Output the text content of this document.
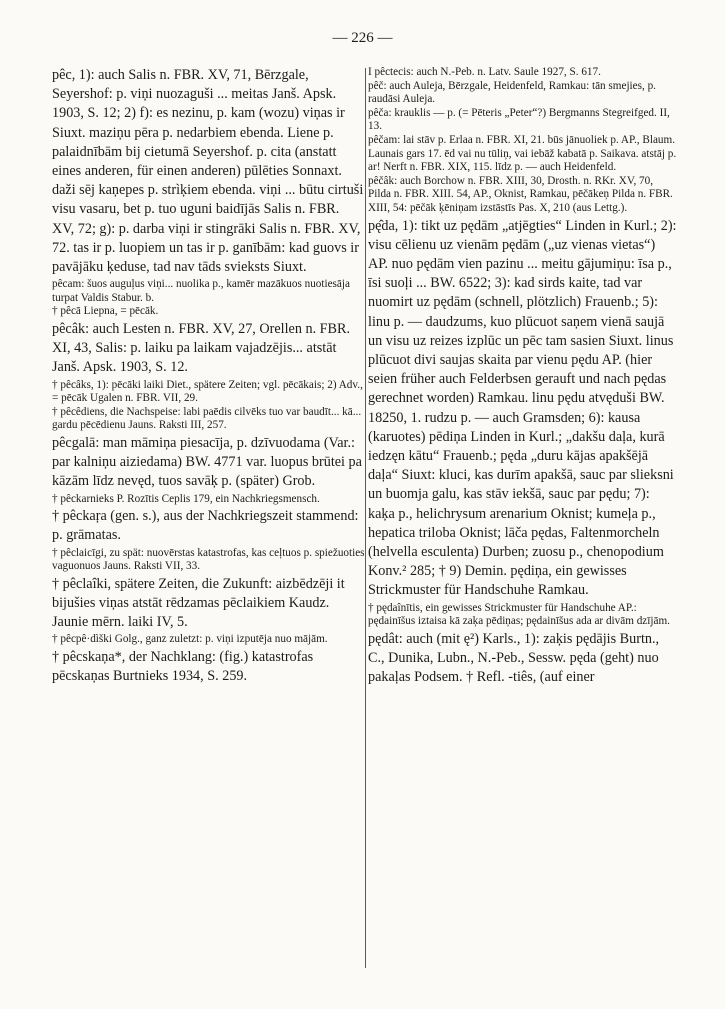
— 226 —

pêc, 1): auch Salis n. FBR. XV, 71, Bērzgale, Seyershof: p. viņi nuozaguši ... meitas Janš. Apsk. 1903, S. 12; 2) f): es nezinu, p. kam (wozu) viņas ir Siuxt. maziņu pēra p. nedarbiem ebenda. Liene p. palaidnībām bij cietumā Seyershof. p. cita (anstatt eines anderen, für einen anderen) pūlēties Sonnaxt. daži sēj kaņepes p. strìķiem ebenda. viņi ... būtu cirtuši visu vasaru, bet p. tuo uguni baidījās Salis n. FBR. XV, 72; g): p. darba viņi ir stingrāki Salis n. FBR. XV, 72. tas ir p. luopiem un tas ir p. ganībām: kad guovs ir pavājāku ķeduse, tad nav tāds svieksts Siuxt.

pêcam: šuos auguļus viņi... nuolika p., kamēr mazākuos nuotiesāja turpat Valdis Stabur. b.

† pêcā Liepna, = pēcāk.

pêcâk: auch Lesten n. FBR. XV, 27, Orellen n. FBR. XI, 43, Salis: p. laiku pa laikam vajadzējis... atstāt Janš. Apsk. 1903, S. 12.

† pêcâks, 1): pēcāki laiki Diet., spätere Zeiten; vgl. pēcākais; 2) Adv., = pēcāk Ugalen n. FBR. VII, 29.

† pêcêdiens, die Nachspeise: labi paēdis cilvēks tuo var baudīt... kā... gardu pēcēdienu Jauns. Raksti III, 257.

pêcgalā: man māmiņa piesacīja, p. dzīvuodama (Var.: par kalniņu aiziedama) BW. 4771 var. luopus brūtei pa kāzām līdz nevęd, tuos savāķ p. (später) Grob.

† pêckarnieks P. Rozītis Ceplis 179, ein Nachkriegsmensch.

† pêckaŗa (gen. s.), aus der Nachkriegszeit stammend: p. grāmatas.

† pêclaicīgi, zu spät: nuovērstas katastrofas, kas ceļtuos p. spiežuoties vaguonuos Jauns. Raksti VII, 33.

† pêclaîki, spätere Zeiten, die Zukunft: aizbēdzēji it bijušies viņas atstāt rēdzamas pēclaikiem Kaudz. Jaunie mērn. laiki IV, 5.

† pêcpê·dìški Golg., ganz zuletzt: p. viņi izputēja nuo mājām.

† pêcskaņa*, der Nachklang: (fig.) katastrofas pēcskaņas Burtnieks 1934, S. 259.

I pêctecis: auch N.-Peb. n. Latv. Saule 1927, S. 617.

pêč: auch Auleja, Bērzgale, Heidenfeld, Ramkau: tān smejies, p. raudāsi Auleja.

pêča: krauklis — p. (= Pēteris „Peter“?) Bergmanns Stegreifged. II, 13.

pêčam: lai stāv p. Erlaa n. FBR. XI, 21. būs jānuoliek p. AP., Blaum. Launais gars 17. ēd vai nu tūliņ, vai iebāž kabatā p. Saikava. atstāj p. ar! Nerft n. FBR. XIX, 115. līdz p. — auch Heidenfeld.

pêčâk: auch Borchow n. FBR. XIII, 30, Drosth. n. RKr. XV, 70, Pilda n. FBR. XIII. 54, AP., Oknist, Ramkau, pēčākeņ Pilda n. FBR. XIII, 54: pēčāk ķēniņam izstāstīs Pas. X, 210 (aus Lettg.).

pę̂da, 1): tikt uz pędām „atjēgties“ Linden in Kurl.; 2): visu cēlienu uz vienām pędām („uz vienas vietas“) AP. nuo pędām vien pazinu ... meitu gājumiņu: īsa p., īsi suoļi ... BW. 6522; 3): kad sirds kaite, tad var nuomirt uz pędām (schnell, plötzlich) Frauenb.; 5): linu p. — daudzums, kuo plūcuot saņem vienā saujā un visu uz reizes izplūc un pēc tam sasien Siuxt. linus plūcuot divi saujas skaita par vienu pędu AP. (hier seien früher auch Felderbsen gerauft und nach pędas gerechnet worden) Ramkau. linu pędu atvęduši BW. 18250, 1. rudzu p. — auch Gramsden; 6): kausa (karuotes) pēdiņa Linden in Kurl.; „dakšu daļa, kurā iedzęn kātu“ Frauenb.; pęda „duru kājas apakšējā daļa“ Siuxt: kluci, kas durīm apakšā, sauc par slieksni un buomja galu, kas stāv iekšā, sauc par pędu; 7): kaķa p., helichrysum arenarium Oknist; kumeļa p., hepatica triloba Oknist; lāča pędas, Faltenmorcheln (helvella esculenta) Durben; zuosu p., chenopodium Konv.² 285; † 9) Demin. pędiņa, ein gewisses Strickmuster für Handschuhe Ramkau.

† pędaînītis, ein gewisses Strickmuster für Handschuhe AP.: pędainīšus iztaisa kā zaķa pēdiņas; pędainīšus ada ar divām dzījām.

pędât: auch (mit ę²) Karls., 1): zaķis pędājis Burtn., C., Dunika, Lubn., N.-Peb., Sessw. pęda (geht) nuo pakaļas Podsem. † Refl. -tiês, (auf einer
